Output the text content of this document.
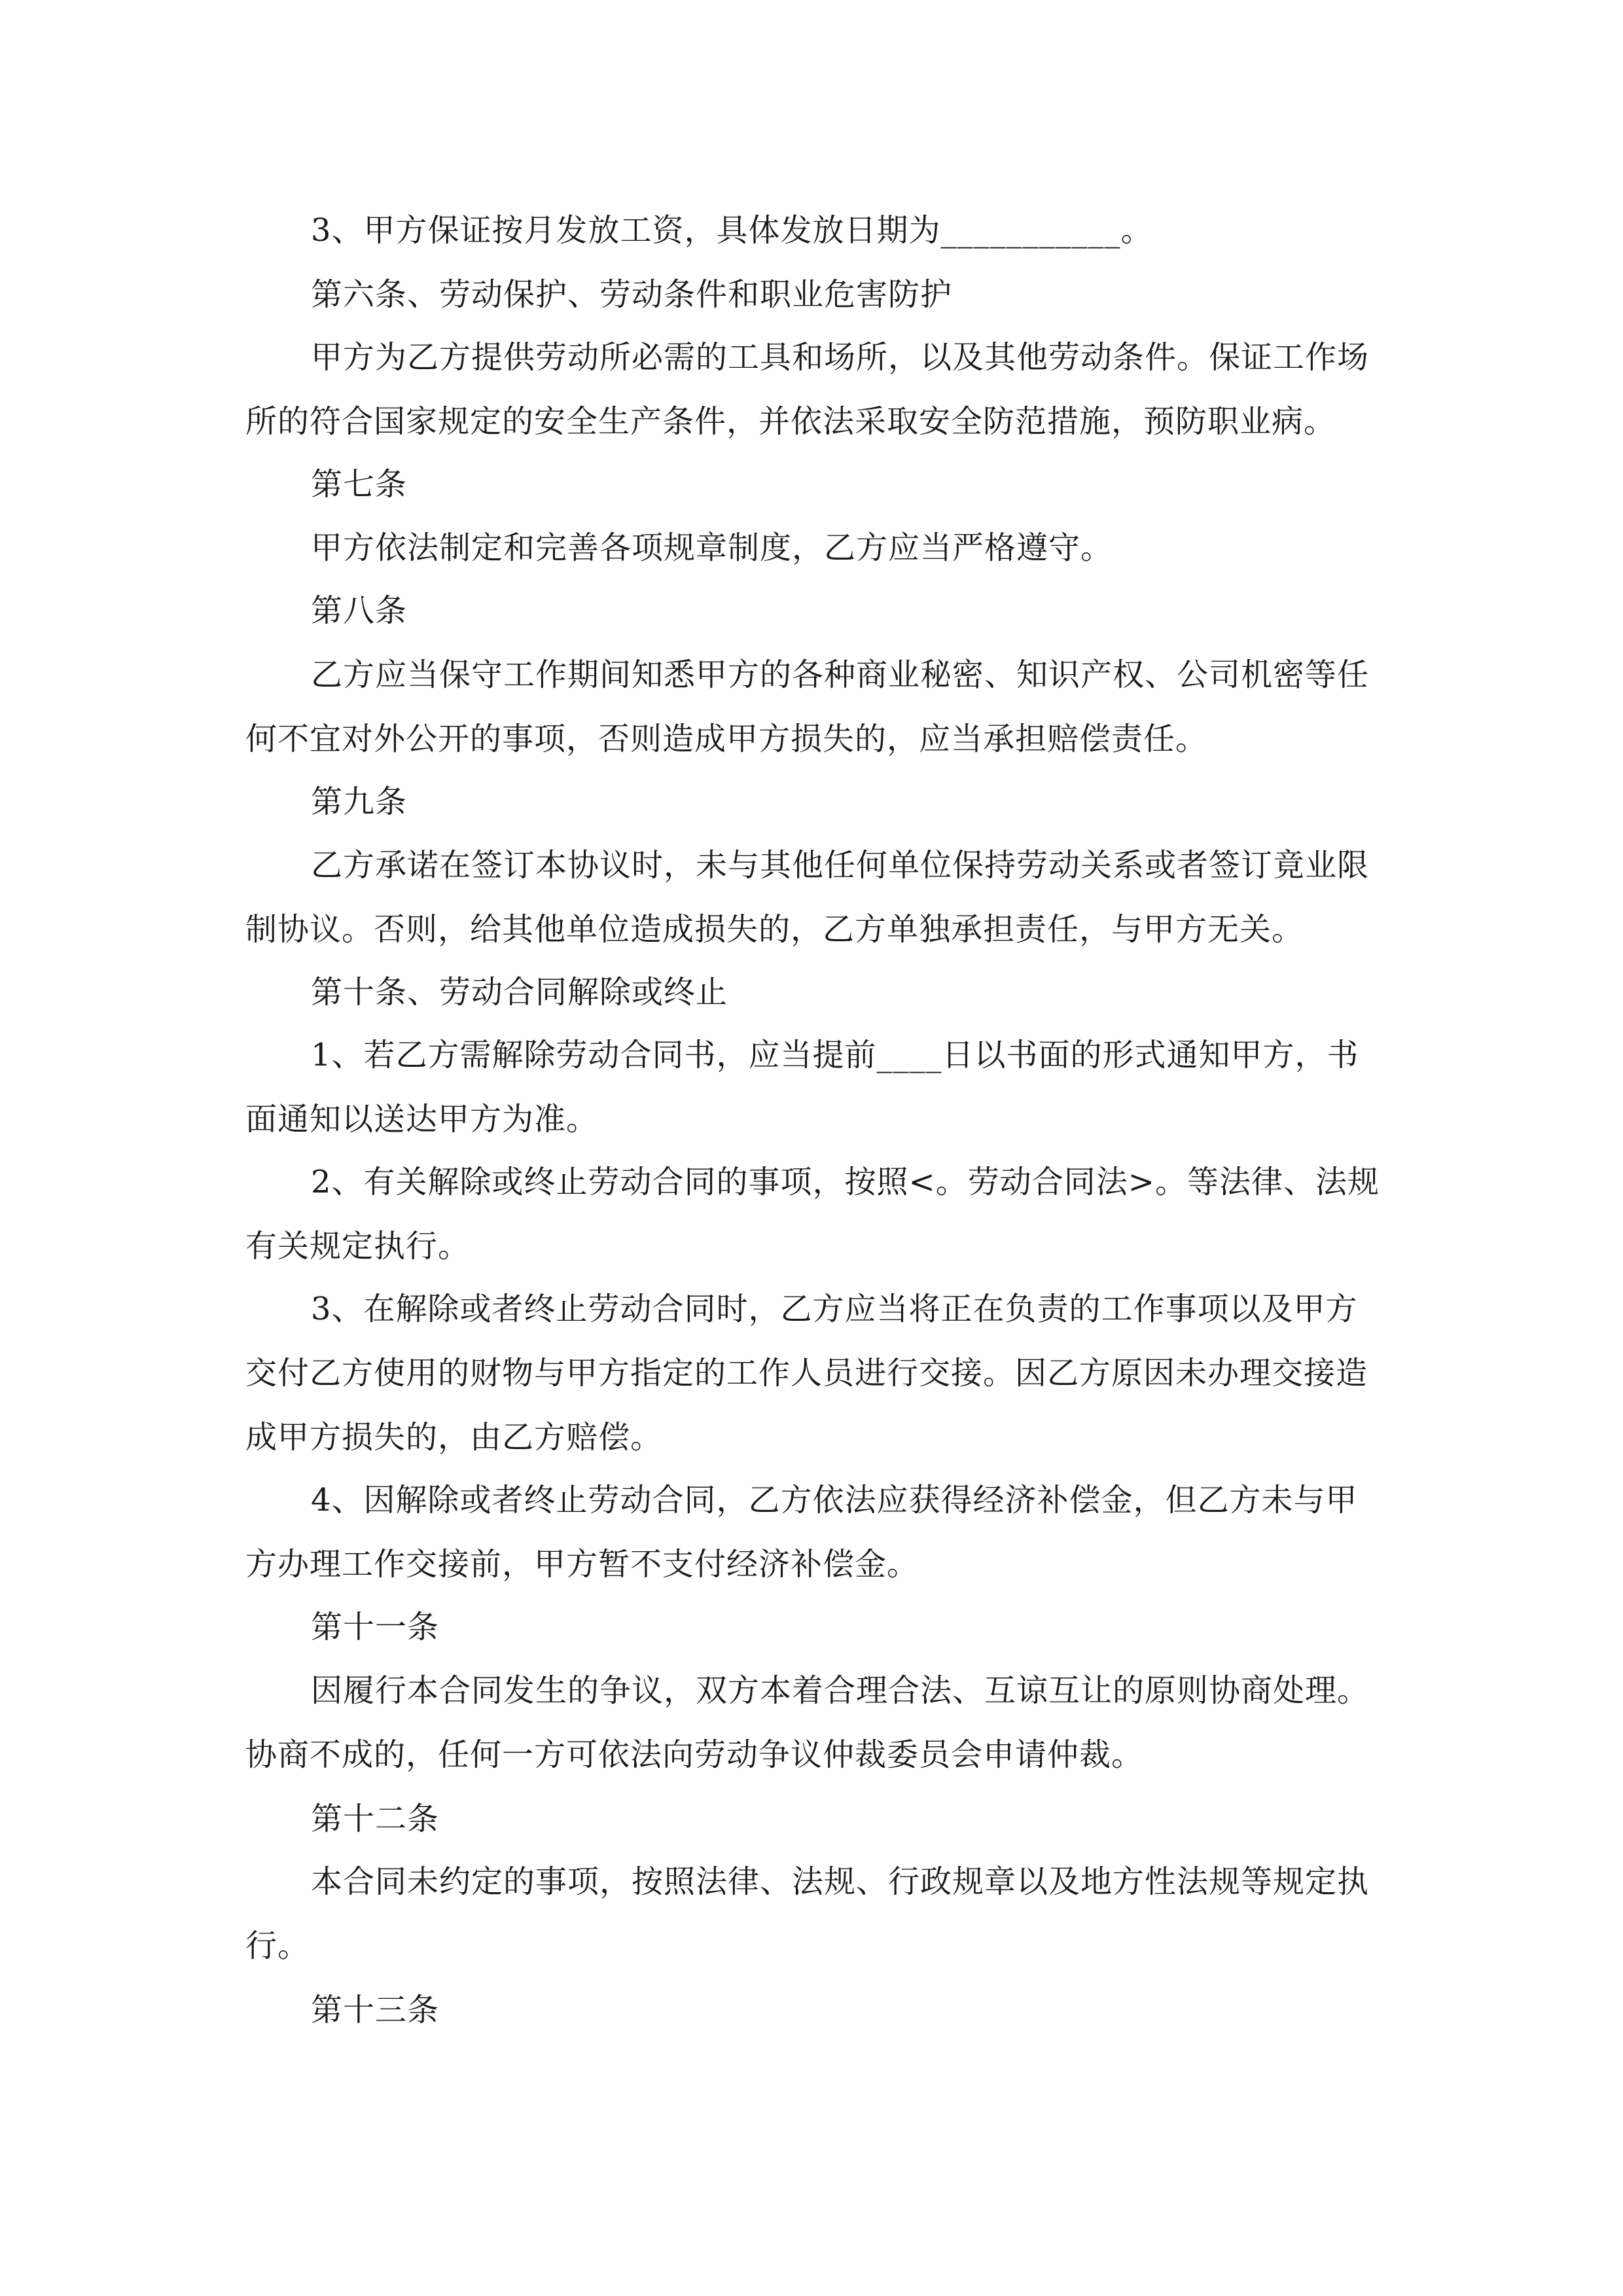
3、甲方保证按月发放工资，具体发放日期为___________。

第六条、劳动保护、劳动条件和职业危害防护

甲方为乙方提供劳动所必需的工具和场所，以及其他劳动条件。保证工作场所的符合国家规定的安全生产条件，并依法采取安全防范措施，预防职业病。

第七条

甲方依法制定和完善各项规章制度，乙方应当严格遵守。

第八条

乙方应当保守工作期间知悉甲方的各种商业秘密、知识产权、公司机密等任何不宜对外公开的事项，否则造成甲方损失的，应当承担赔偿责任。

第九条

乙方承诺在签订本协议时，未与其他任何单位保持劳动关系或者签订竟业限制协议。否则，给其他单位造成损失的，乙方单独承担责任，与甲方无关。

第十条、劳动合同解除或终止

1、若乙方需解除劳动合同书，应当提前____日以书面的形式通知甲方，书面通知以送达甲方为准。

2、有关解除或终止劳动合同的事项，按照<。劳动合同法>。等法律、法规有关规定执行。

3、在解除或者终止劳动合同时，乙方应当将正在负责的工作事项以及甲方交付乙方使用的财物与甲方指定的工作人员进行交接。因乙方原因未办理交接造成甲方损失的，由乙方赔偿。

4、因解除或者终止劳动合同，乙方依法应获得经济补偿金，但乙方未与甲方办理工作交接前，甲方暂不支付经济补偿金。

第十一条

因履行本合同发生的争议，双方本着合理合法、互谅互让的原则协商处理。协商不成的，任何一方可依法向劳动争议仲裁委员会申请仲裁。

第十二条

本合同未约定的事项，按照法律、法规、行政规章以及地方性法规等规定执行。

第十三条
